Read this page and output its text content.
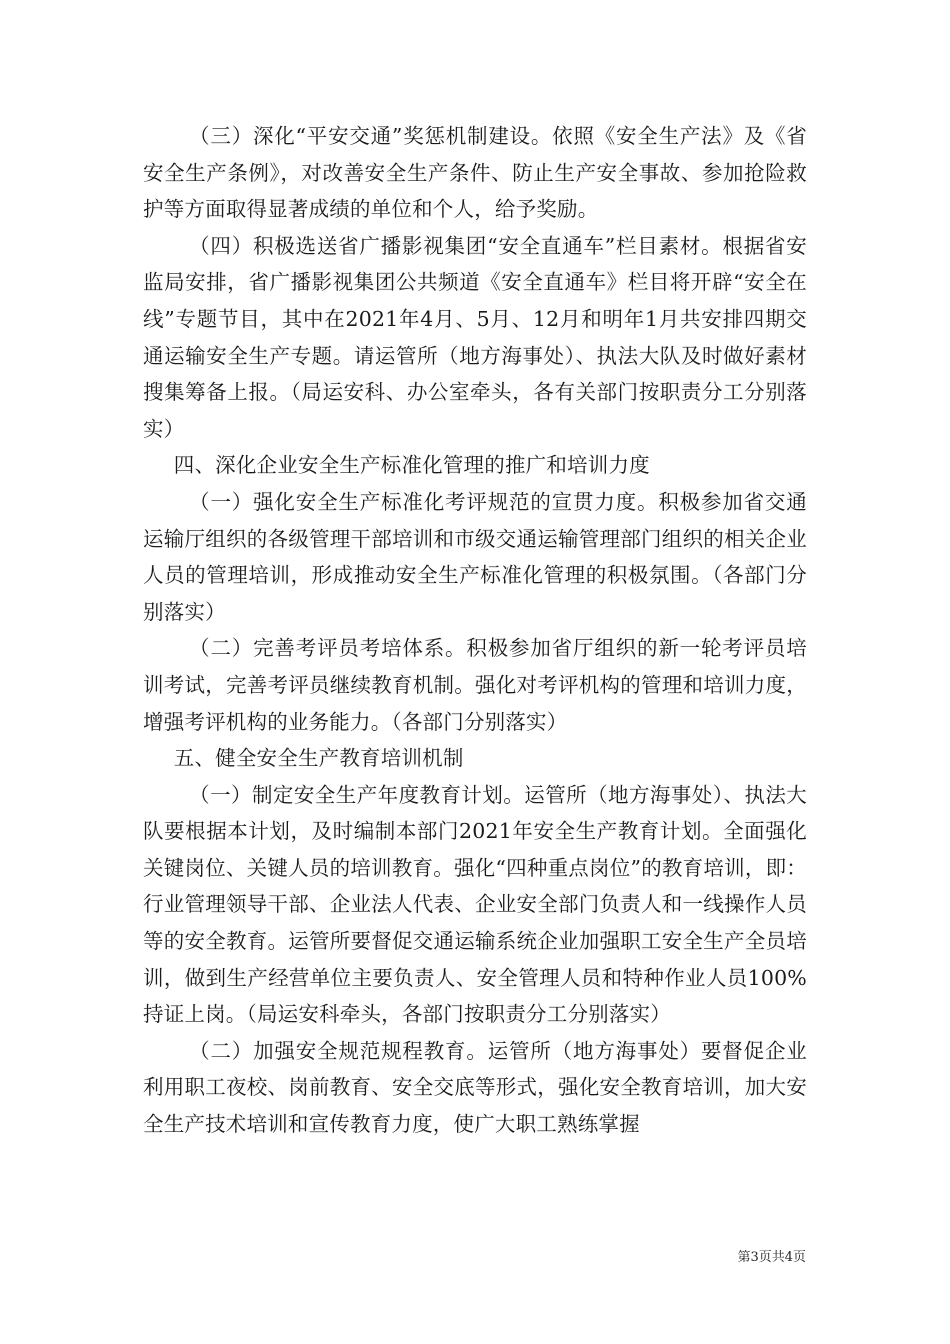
（三）深化“平安交通”奖惩机制建设。依照《安全生产法》及《省安全生产条例》，对改善安全生产条件、防止生产安全事故、参加抢险救护等方面取得显著成绩的单位和个人，给予奖励。

（四）积极选送省广播影视集团“安全直通车”栏目素材。根据省安监局安排，省广播影视集团公共频道《安全直通车》栏目将开辟“安全在线”专题节目，其中在2021年4月、5月、12月和明年1月共安排四期交通运输安全生产专题。请运管所（地方海事处）、执法大队及时做好素材搜集筹备上报。（局运安科、办公室牵头，各有关部门按职责分工分别落实）

四、深化企业安全生产标准化管理的推广和培训力度

（一）强化安全生产标准化考评规范的宣贯力度。积极参加省交通运输厅组织的各级管理干部培训和市级交通运输管理部门组织的相关企业人员的管理培训，形成推动安全生产标准化管理的积极氛围。（各部门分别落实）

（二）完善考评员考培体系。积极参加省厅组织的新一轮考评员培训考试，完善考评员继续教育机制。强化对考评机构的管理和培训力度，增强考评机构的业务能力。（各部门分别落实）

五、健全安全生产教育培训机制

（一）制定安全生产年度教育计划。运管所（地方海事处）、执法大队要根据本计划，及时编制本部门2021年安全生产教育计划。全面强化关键岗位、关键人员的培训教育。强化“四种重点岗位”的教育培训，即：行业管理领导干部、企业法人代表、企业安全部门负责人和一线操作人员等的安全教育。运管所要督促交通运输系统企业加强职工安全生产全员培训，做到生产经营单位主要负责人、安全管理人员和特种作业人员100%持证上岗。（局运安科牵头，各部门按职责分工分别落实）

（二）加强安全规范规程教育。运管所（地方海事处）要督促企业利用职工夜校、岗前教育、安全交底等形式，强化安全教育培训，加大安全生产技术培训和宣传教育力度，使广大职工熟练掌握

第3页共4页
